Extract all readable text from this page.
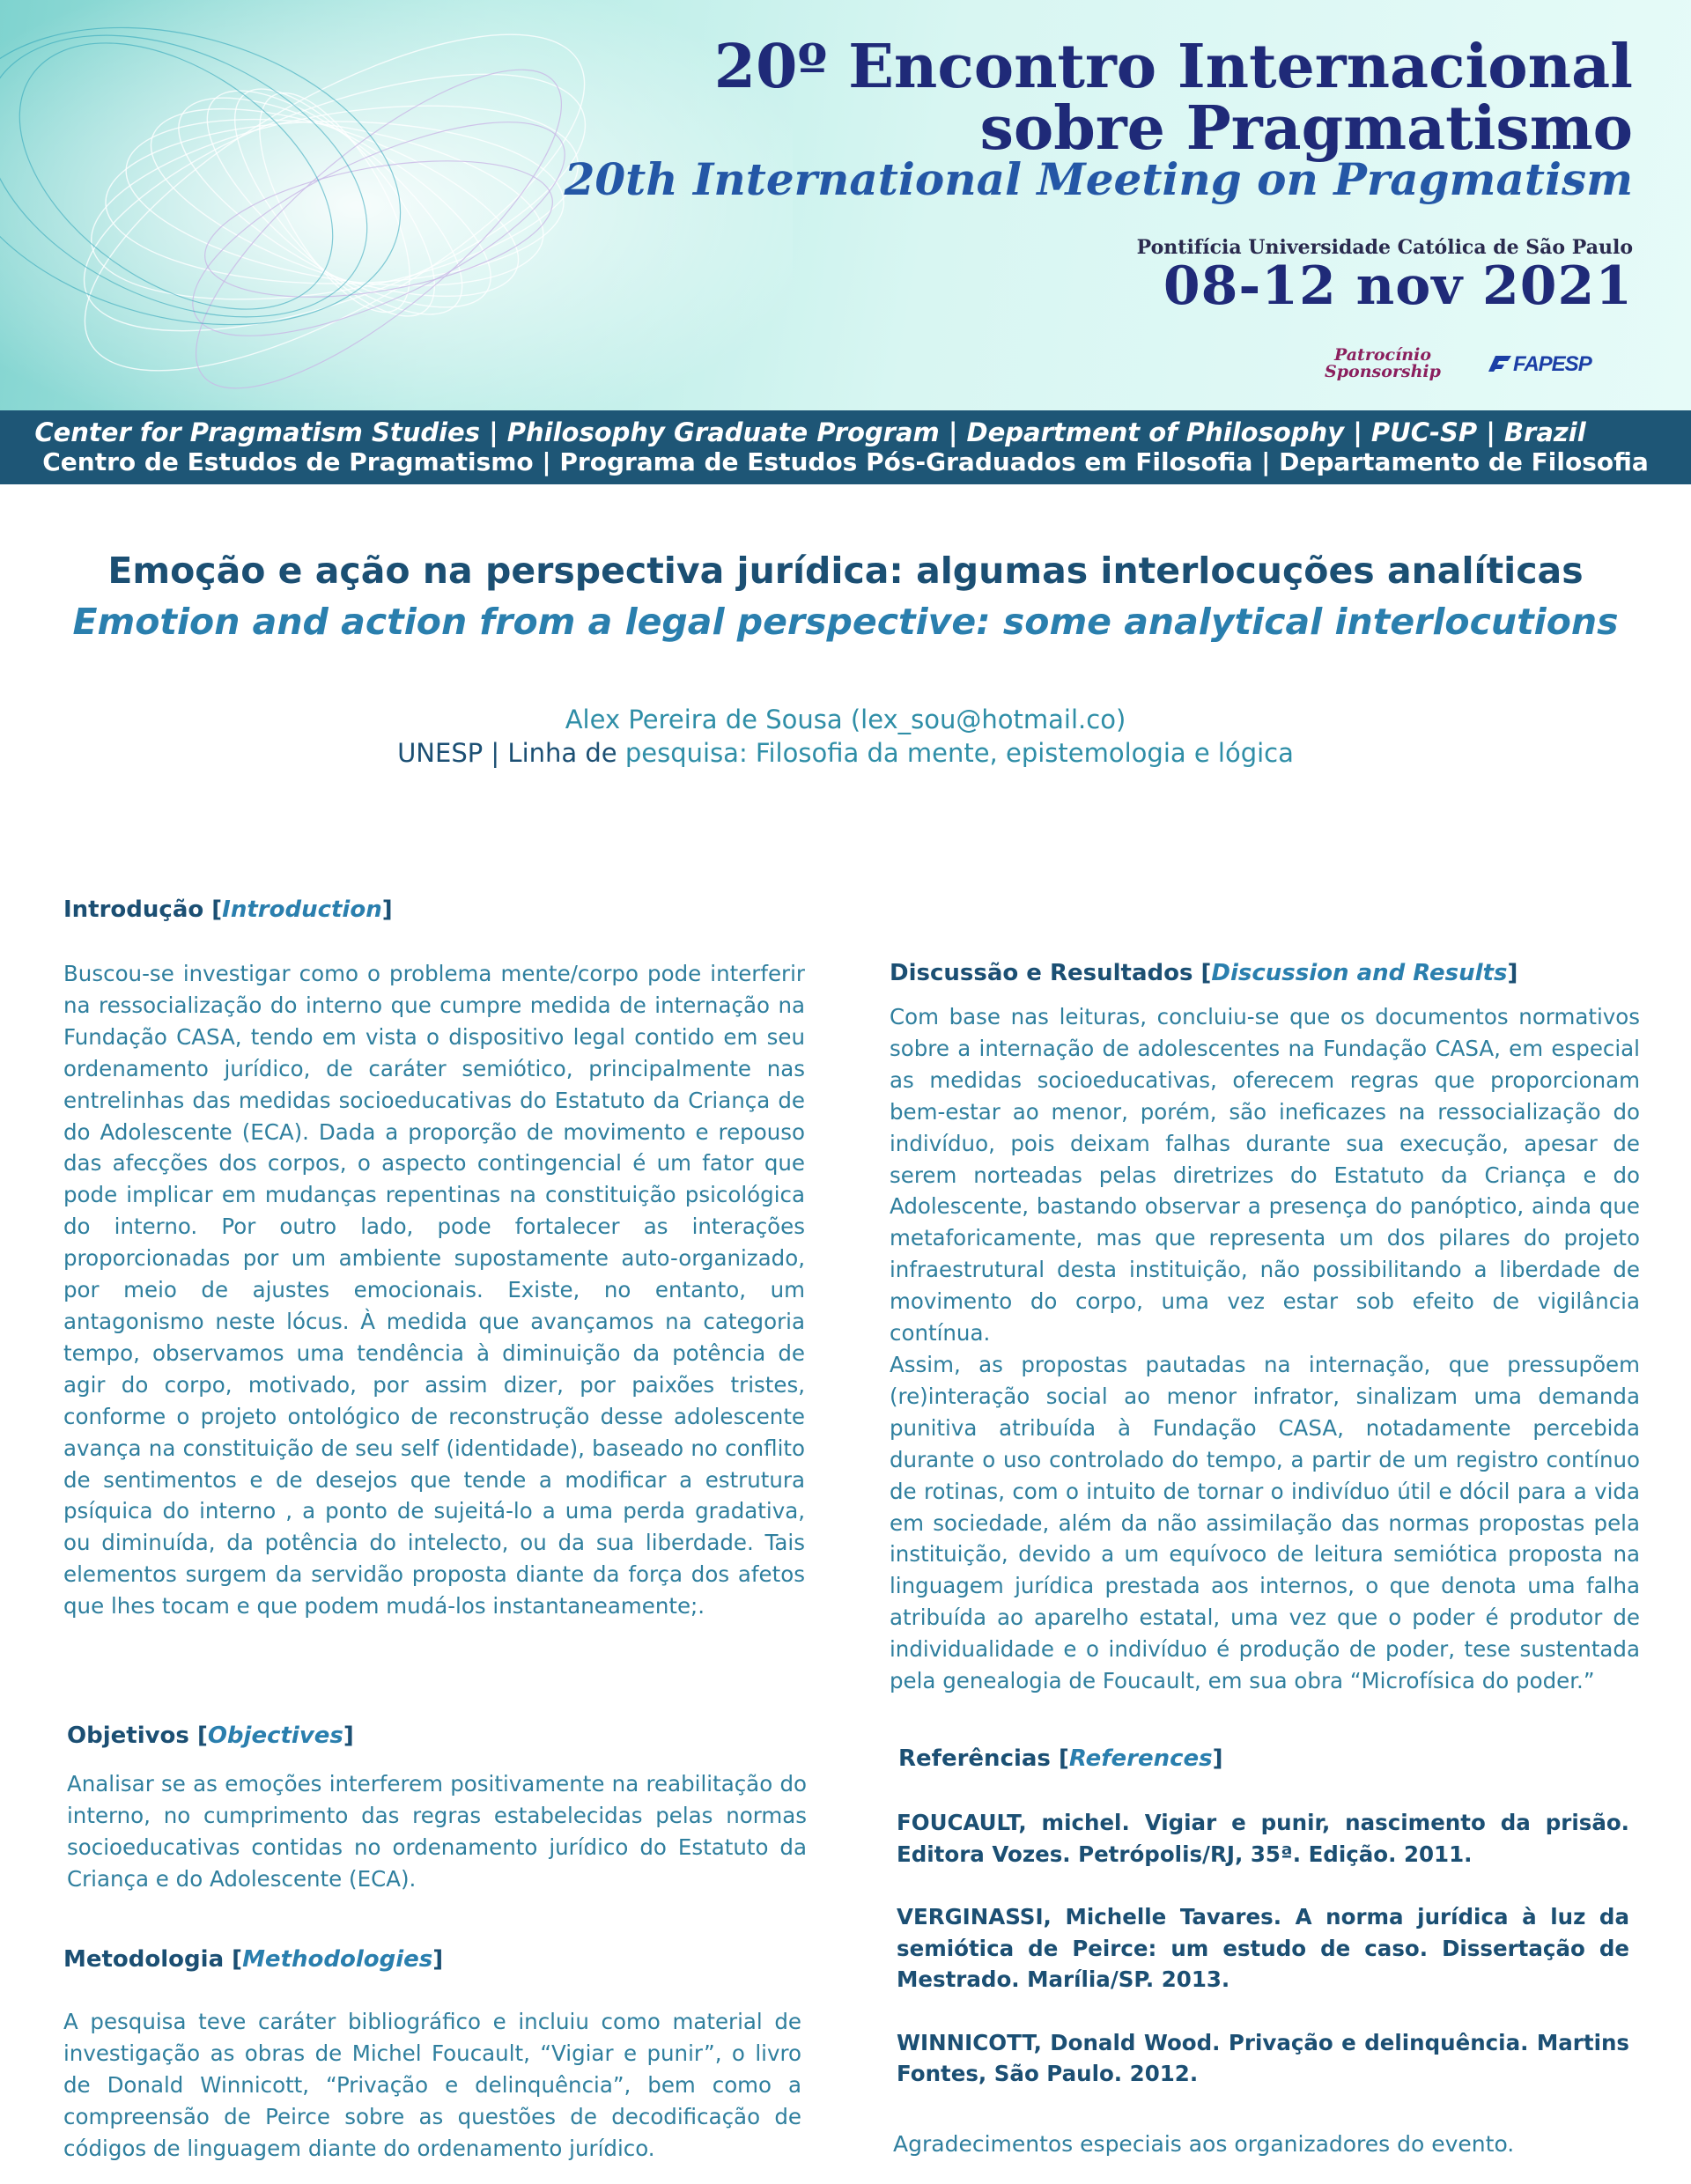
20º Encontro Internacional
sobre Pragmatismo
20th International Meeting on Pragmatism
Pontifícia Universidade Católica de São Paulo
08-12 nov 2021
Patrocínio Sponsorship	FAPESP
Center for Pragmatism Studies | Philosophy Graduate Program | Department of Philosophy | PUC-SP | Brazil
Centro de Estudos de Pragmatismo | Programa de Estudos Pós-Graduados em Filosofia | Departamento de Filosofia
Emoção e ação na perspectiva jurídica: algumas interlocuções analíticas
Emotion and action from a legal perspective: some analytical interlocutions
Alex Pereira de Sousa (lex_sou@hotmail.co)
UNESP | Linha de pesquisa: Filosofia da mente, epistemologia e lógica
Introdução [Introduction]
Buscou-se investigar como o problema mente/corpo pode interferir na ressocialização do interno que cumpre medida de internação na Fundação CASA, tendo em vista o dispositivo legal contido em seu ordenamento jurídico, de caráter semiótico, principalmente nas entrelinhas das medidas socioeducativas do Estatuto da Criança de do Adolescente (ECA). Dada a proporção de movimento e repouso das afecções dos corpos, o aspecto contingencial é um fator que pode implicar em mudanças repentinas na constituição psicológica do interno. Por outro lado, pode fortalecer as interações proporcionadas por um ambiente supostamente auto-organizado, por meio de ajustes emocionais. Existe, no entanto, um antagonismo neste lócus. À medida que avançamos na categoria tempo, observamos uma tendência à diminuição da potência de agir do corpo, motivado, por assim dizer, por paixões tristes, conforme o projeto ontológico de reconstrução desse adolescente avança na constituição de seu self (identidade), baseado no conflito de sentimentos e de desejos que tende a modificar a estrutura psíquica do interno , a ponto de sujeitá-lo a uma perda gradativa, ou diminuída, da potência do intelecto, ou da sua liberdade. Tais elementos surgem da servidão proposta diante da força dos afetos que lhes tocam e que podem mudá-los instantaneamente;.
Objetivos [Objectives]
Analisar se as emoções interferem positivamente na reabilitação do interno, no cumprimento das regras estabelecidas pelas normas socioeducativas contidas no ordenamento jurídico do Estatuto da Criança e do Adolescente (ECA).
Metodologia [Methodologies]
A pesquisa teve caráter bibliográfico e incluiu como material de investigação as obras de Michel Foucault, “Vigiar e punir”, o livro de Donald Winnicott, “Privação e delinquência”, bem como a compreensão de Peirce sobre as questões de decodificação de códigos de linguagem diante do ordenamento jurídico.
Discussão e Resultados [Discussion and Results]
Com base nas leituras, concluiu-se que os documentos normativos sobre a internação de adolescentes na Fundação CASA, em especial as medidas socioeducativas, oferecem regras que proporcionam bem-estar ao menor, porém, são ineficazes na ressocialização do indivíduo, pois deixam falhas durante sua execução, apesar de serem norteadas pelas diretrizes do Estatuto da Criança e do Adolescente, bastando observar a presença do panóptico, ainda que metaforicamente, mas que representa um dos pilares do projeto infraestrutural desta instituição, não possibilitando a liberdade de movimento do corpo, uma vez estar sob efeito de vigilância contínua.
Assim, as propostas pautadas na internação, que pressupõem (re)interação social ao menor infrator, sinalizam uma demanda punitiva atribuída à Fundação CASA, notadamente percebida durante o uso controlado do tempo, a partir de um registro contínuo de rotinas, com o intuito de tornar o indivíduo útil e dócil para a vida em sociedade, além da não assimilação das normas propostas pela instituição, devido a um equívoco de leitura semiótica proposta na linguagem jurídica prestada aos internos, o que denota uma falha atribuída ao aparelho estatal, uma vez que o poder é produtor de individualidade e o indivíduo é produção de poder, tese sustentada pela genealogia de Foucault, em sua obra “Microfísica do poder.”
Referências [References]
FOUCAULT, michel. Vigiar e punir, nascimento da prisão. Editora Vozes. Petrópolis/RJ, 35ª. Edição. 2011.
VERGINASSI, Michelle Tavares. A norma jurídica à luz da semiótica de Peirce: um estudo de caso. Dissertação de Mestrado. Marília/SP. 2013.
WINNICOTT, Donald Wood. Privação e delinquência. Martins Fontes, São Paulo. 2012.
Agradecimentos especiais aos organizadores do evento.
